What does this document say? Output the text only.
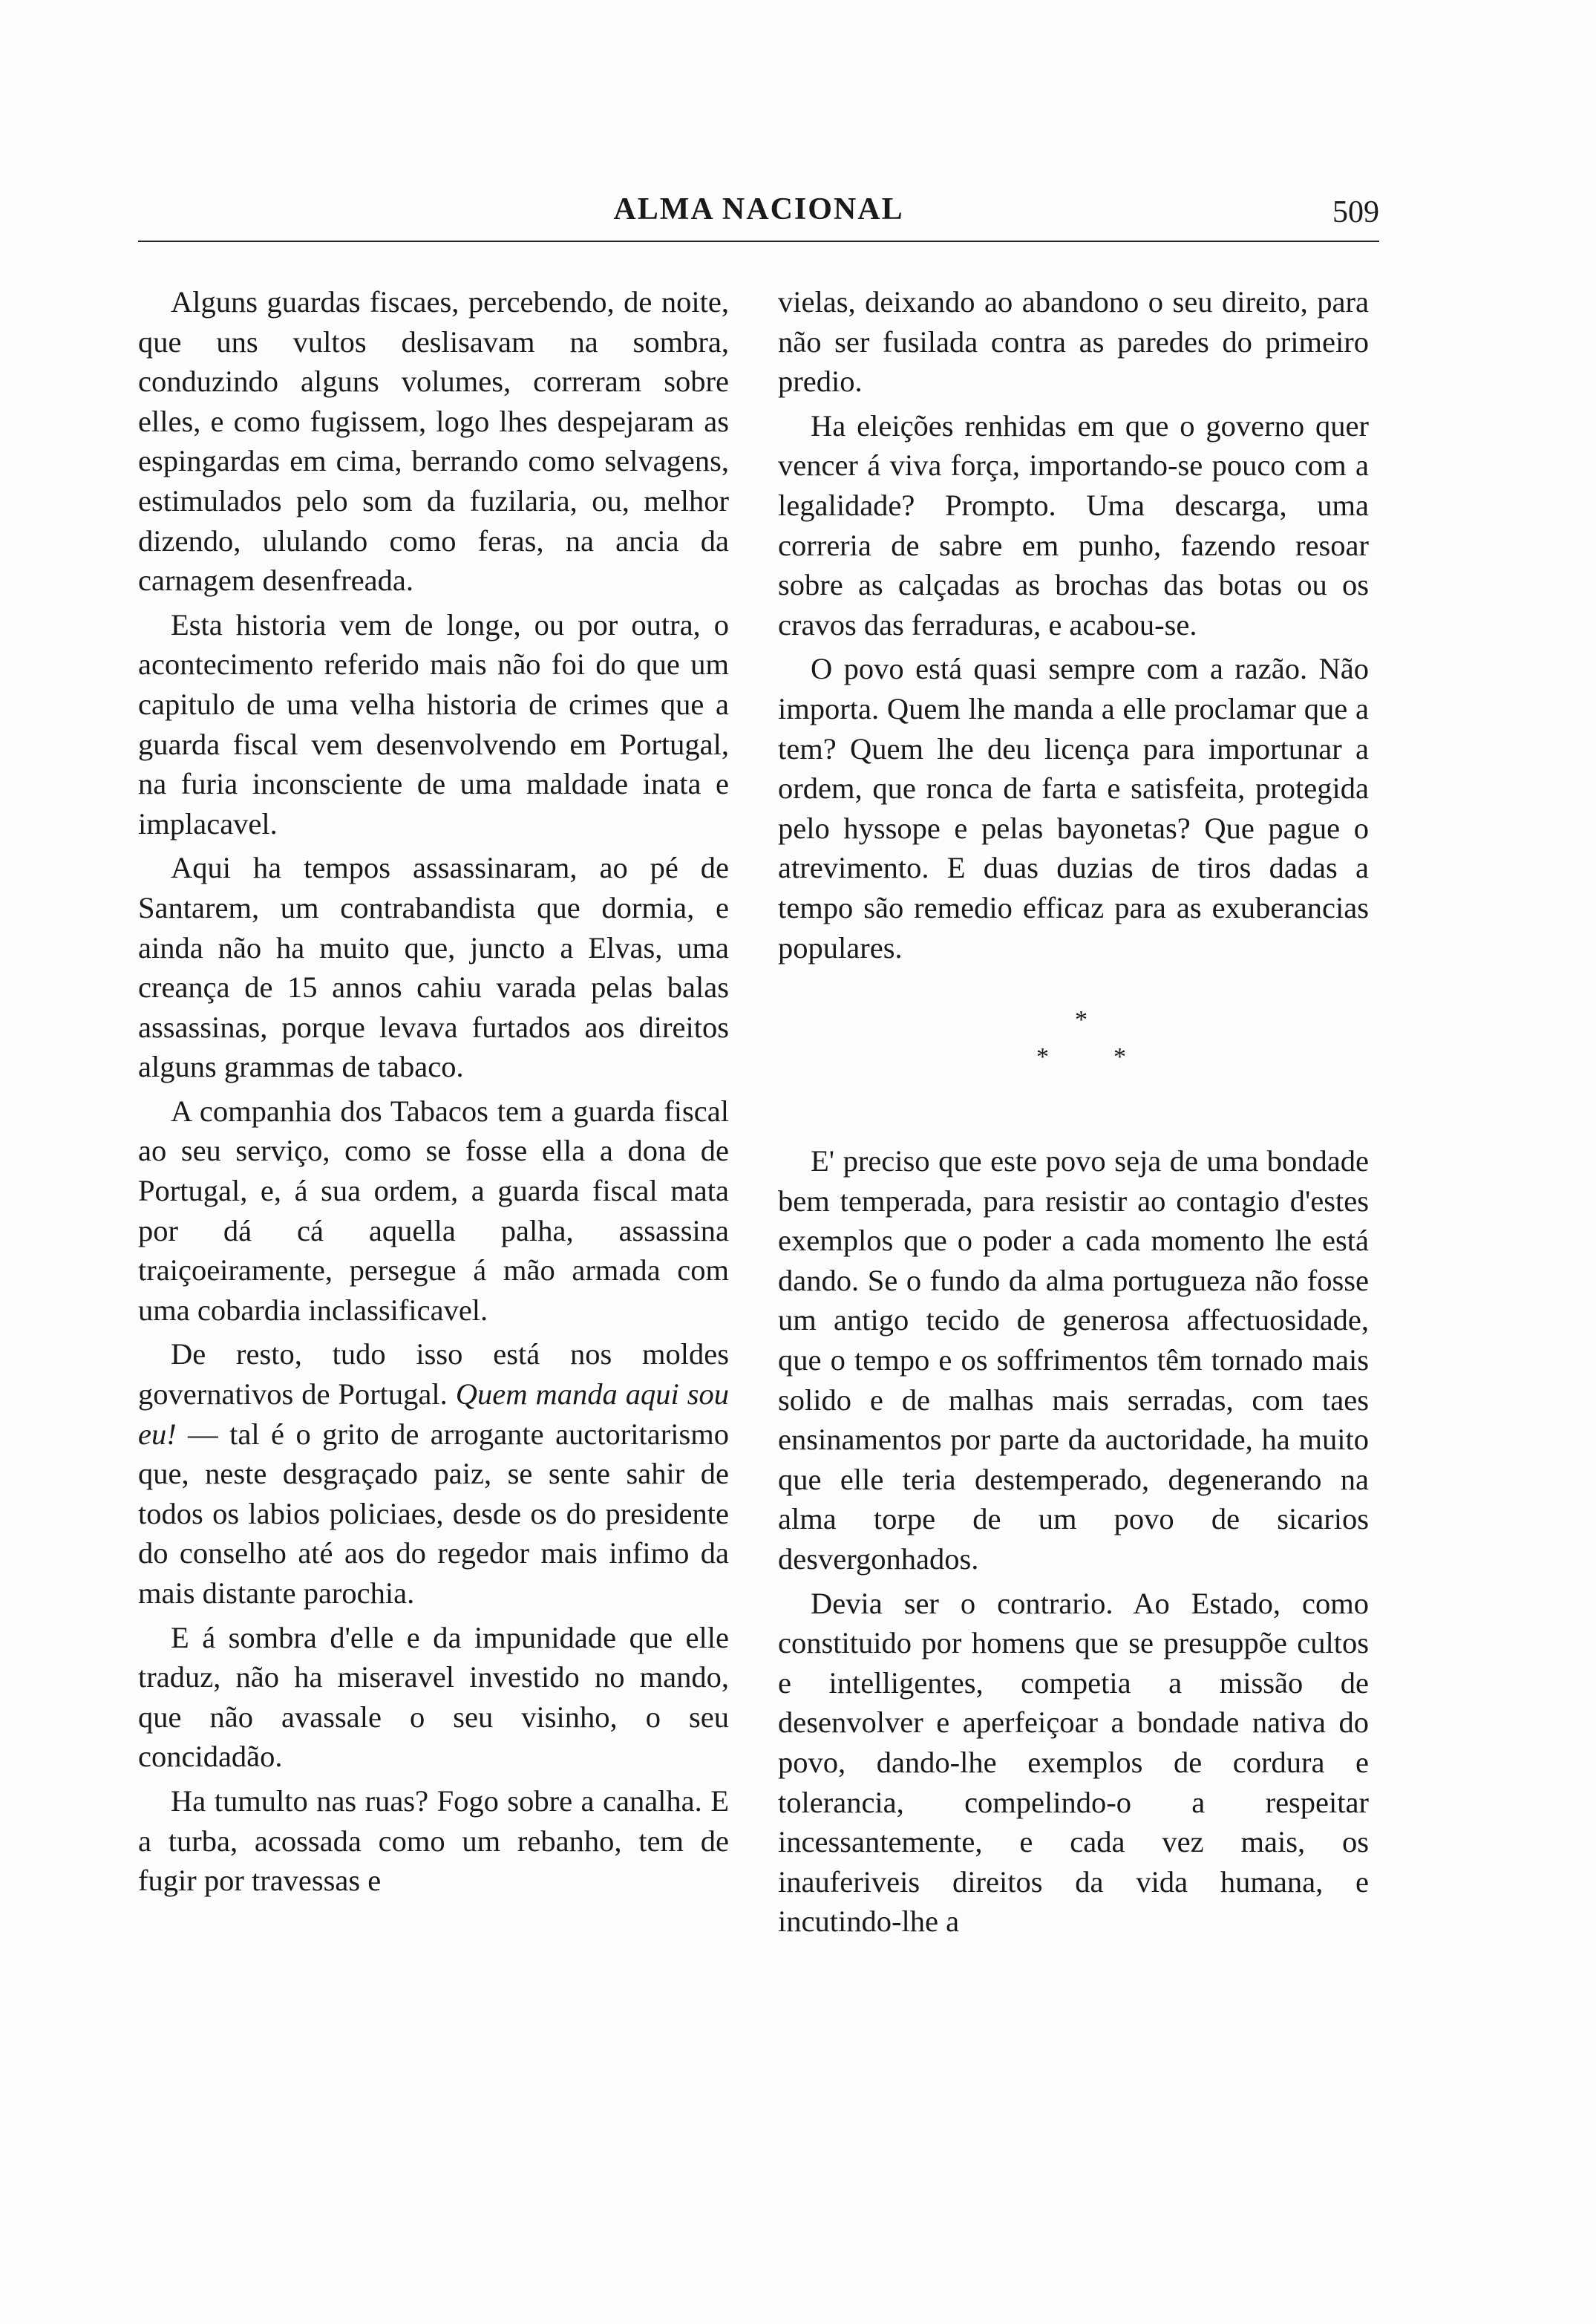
ALMA NACIONAL	509

Alguns guardas fiscaes, percebendo, de noite, que uns vultos deslisavam na sombra, conduzindo alguns volumes, correram sobre elles, e como fugissem, logo lhes despejaram as espingardas em cima, berrando como selvagens, estimulados pelo som da fuzilaria, ou, melhor dizendo, ululando como feras, na ancia da carnagem desenfreada.

Esta historia vem de longe, ou por outra, o acontecimento referido mais não foi do que um capitulo de uma velha historia de crimes que a guarda fiscal vem desenvolvendo em Portugal, na furia inconsciente de uma maldade inata e implacavel.

Aqui ha tempos assassinaram, ao pé de Santarem, um contrabandista que dormia, e ainda não ha muito que, juncto a Elvas, uma creança de 15 annos cahiu varada pelas balas assassinas, porque levava furtados aos direitos alguns grammas de tabaco.

A companhia dos Tabacos tem a guarda fiscal ao seu serviço, como se fosse ella a dona de Portugal, e, á sua ordem, a guarda fiscal mata por dá cá aquella palha, assassina traiçoeiramente, persegue á mão armada com uma cobardia inclassificavel.

De resto, tudo isso está nos moldes governativos de Portugal. Quem manda aqui sou eu! — tal é o grito de arrogante auctoritarismo que, neste desgraçado paiz, se sente sahir de todos os labios policiaes, desde os do presidente do conselho até aos do regedor mais infimo da mais distante parochia.

E á sombra d'elle e da impunidade que elle traduz, não ha miseravel investido no mando, que não avassale o seu visinho, o seu concidadão.

Ha tumulto nas ruas? Fogo sobre a canalha. E a turba, acossada como um rebanho, tem de fugir por travessas e

vielas, deixando ao abandono o seu direito, para não ser fusilada contra as paredes do primeiro predio.

Ha eleições renhidas em que o governo quer vencer á viva força, importando-se pouco com a legalidade? Prompto. Uma descarga, uma correria de sabre em punho, fazendo resoar sobre as calçadas as brochas das botas ou os cravos das ferraduras, e acabou-se.

O povo está quasi sempre com a razão. Não importa. Quem lhe manda a elle proclamar que a tem? Quem lhe deu licença para importunar a ordem, que ronca de farta e satisfeita, protegida pelo hyssope e pelas bayonetas? Que pague o atrevimento. E duas duzias de tiros dadas a tempo são remedio efficaz para as exuberancias populares.

*
*	*

E' preciso que este povo seja de uma bondade bem temperada, para resistir ao contagio d'estes exemplos que o poder a cada momento lhe está dando. Se o fundo da alma portugueza não fosse um antigo tecido de generosa affectuosidade, que o tempo e os soffrimentos têm tornado mais solido e de malhas mais serradas, com taes ensinamentos por parte da auctoridade, ha muito que elle teria destemperado, degenerando na alma torpe de um povo de sicarios desvergonhados.

Devia ser o contrario. Ao Estado, como constituido por homens que se presuppõe cultos e intelligentes, competia a missão de desenvolver e aperfeiçoar a bondade nativa do povo, dando-lhe exemplos de cordura e tolerancia, compelindo-o a respeitar incessantemente, e cada vez mais, os inauferiveis direitos da vida humana, e incutindo-lhe a
